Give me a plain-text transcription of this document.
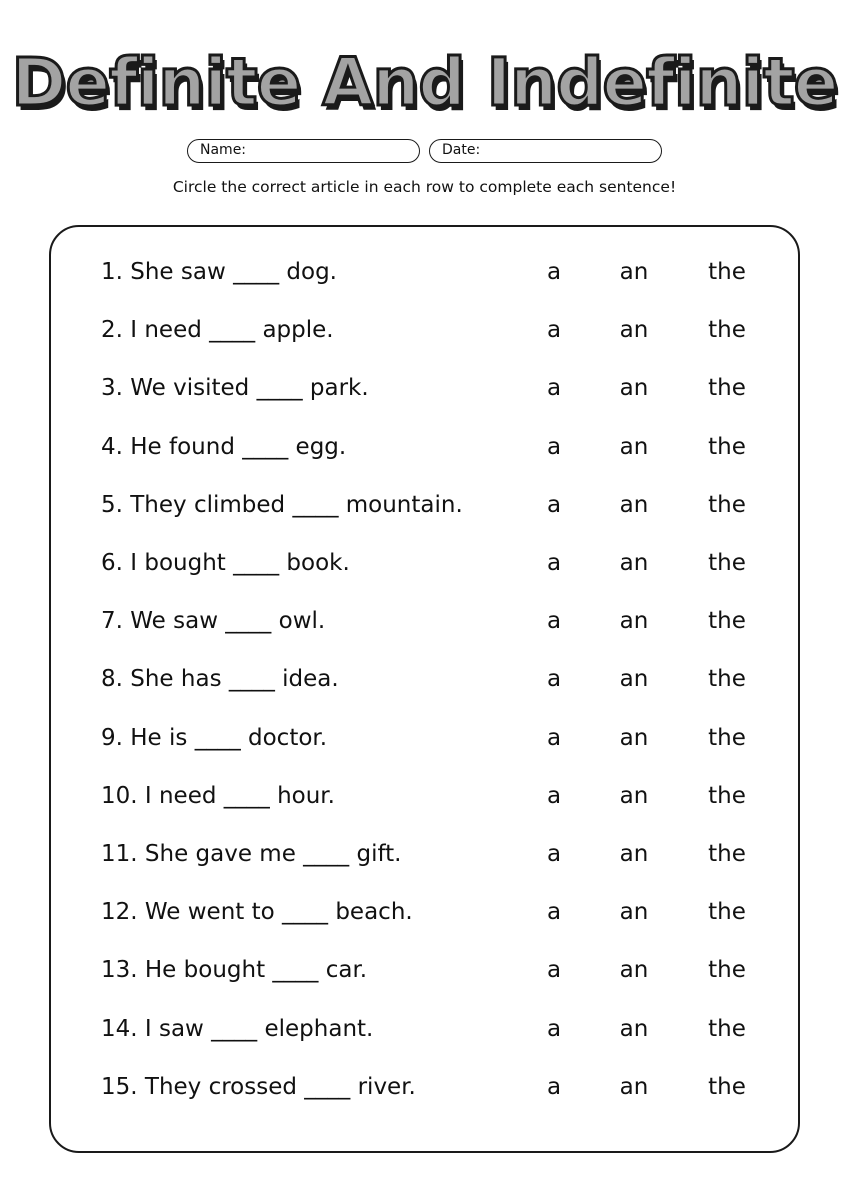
Definite And Indefinite
Name:	Date:
Circle the correct article in each row to complete each sentence!
1. She saw ____ dog.	a	an	the
2. I need ____ apple.	a	an	the
3. We visited ____ park.	a	an	the
4. He found ____ egg.	a	an	the
5. They climbed ____ mountain.	a	an	the
6. I bought ____ book.	a	an	the
7. We saw ____ owl.	a	an	the
8. She has ____ idea.	a	an	the
9. He is ____ doctor.	a	an	the
10. I need ____ hour.	a	an	the
11. She gave me ____ gift.	a	an	the
12. We went to ____ beach.	a	an	the
13. He bought ____ car.	a	an	the
14. I saw ____ elephant.	a	an	the
15. They crossed ____ river.	a	an	the
